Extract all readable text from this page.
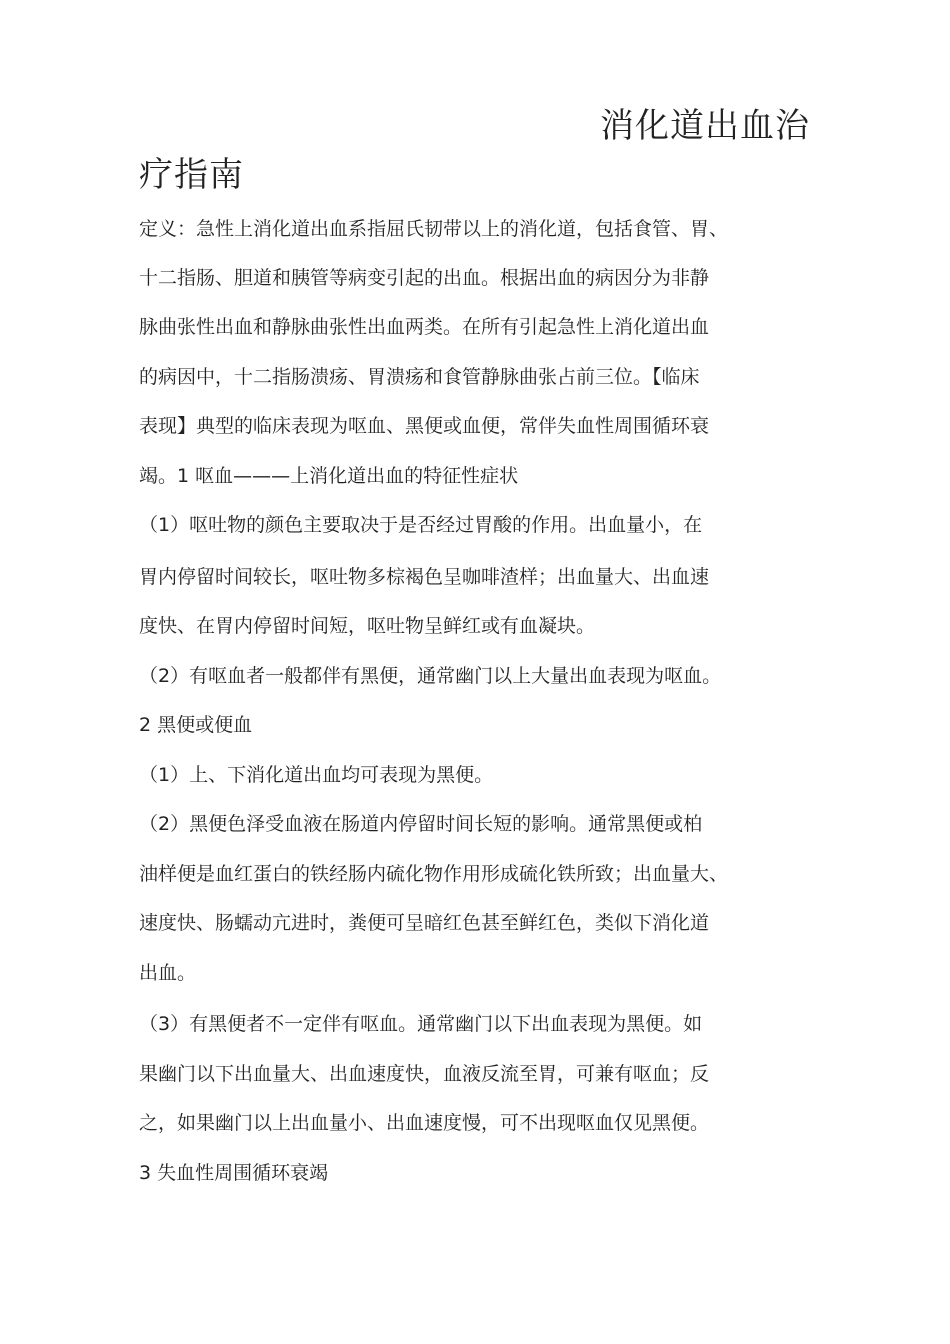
消化道出血治
疗指南
定义：急性上消化道出血系指屈氏韧带以上的消化道，包括食管、胃、
十二指肠、胆道和胰管等病变引起的出血。根据出血的病因分为非静
脉曲张性出血和静脉曲张性出血两类。在所有引起急性上消化道出血
的病因中，十二指肠溃疡、胃溃疡和食管静脉曲张占前三位。【临床
表现】典型的临床表现为呕血、黑便或血便，常伴失血性周围循环衰
竭。1 呕血———上消化道出血的特征性症状
（1）呕吐物的颜色主要取决于是否经过胃酸的作用。出血量小，在
胃内停留时间较长，呕吐物多棕褐色呈咖啡渣样；出血量大、出血速
度快、在胃内停留时间短，呕吐物呈鲜红或有血凝块。
（2）有呕血者一般都伴有黑便，通常幽门以上大量出血表现为呕血。
2 黑便或便血
（1）上、下消化道出血均可表现为黑便。
（2）黑便色泽受血液在肠道内停留时间长短的影响。通常黑便或柏
油样便是血红蛋白的铁经肠内硫化物作用形成硫化铁所致；出血量大、
速度快、肠蠕动亢进时，粪便可呈暗红色甚至鲜红色，类似下消化道
出血。
（3）有黑便者不一定伴有呕血。通常幽门以下出血表现为黑便。如
果幽门以下出血量大、出血速度快，血液反流至胃，可兼有呕血；反
之，如果幽门以上出血量小、出血速度慢，可不出现呕血仅见黑便。
3 失血性周围循环衰竭
